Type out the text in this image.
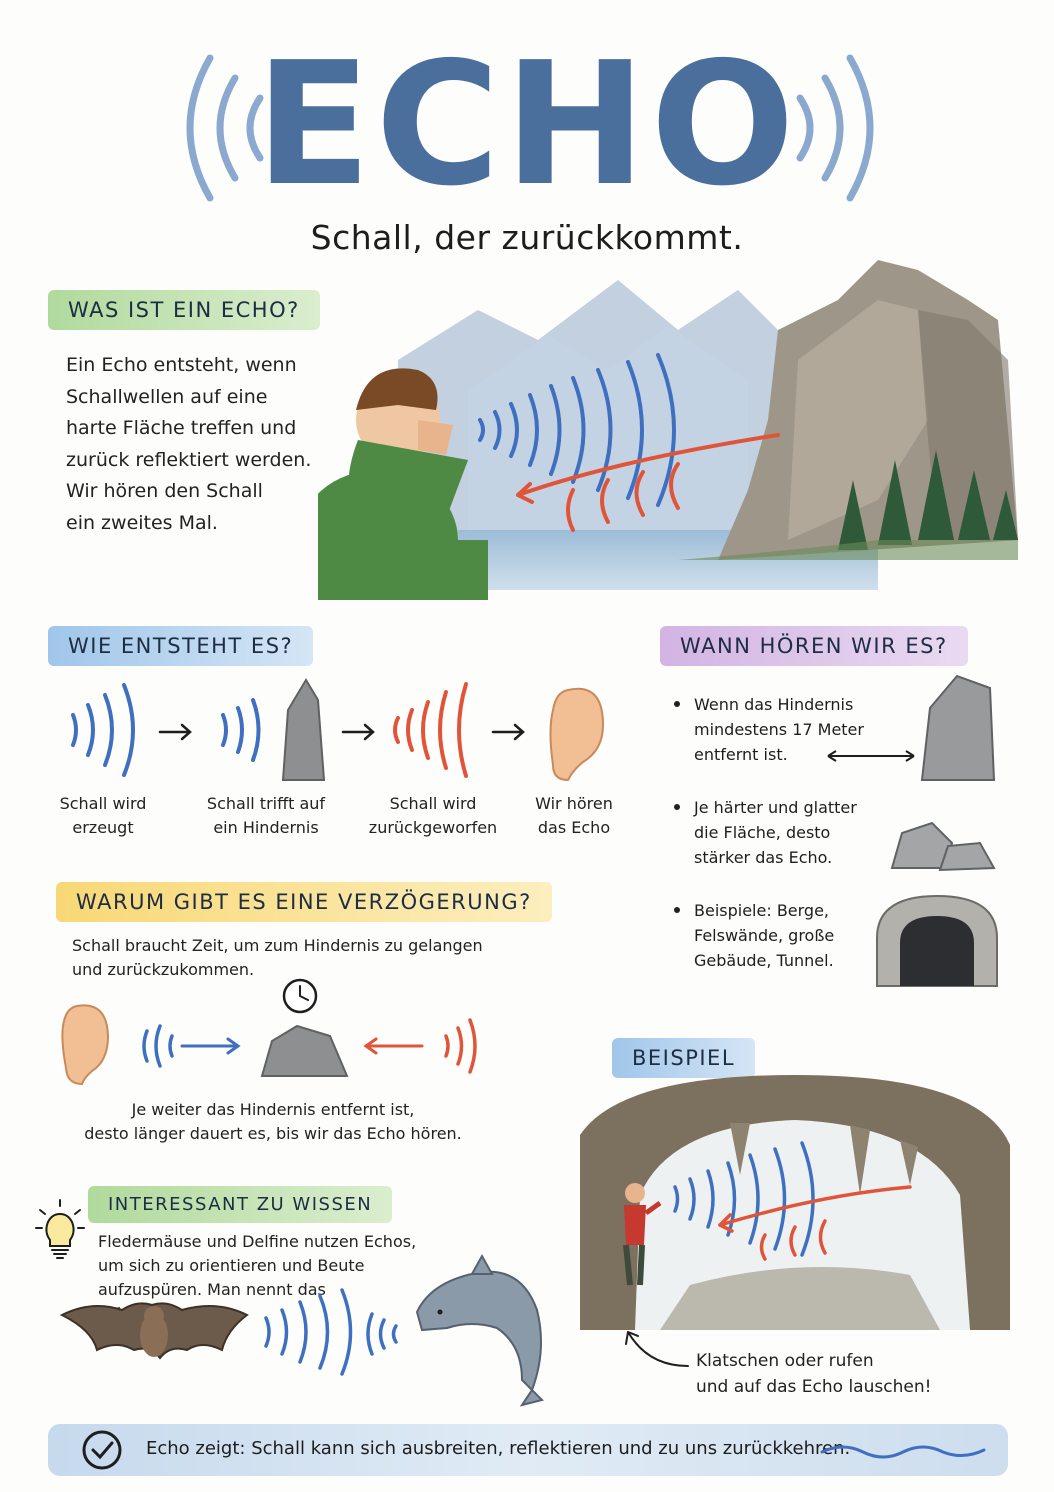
ECHO
Schall, der zurückkommt.
WAS IST EIN ECHO?
Ein Echo entsteht, wenn
Schallwellen auf eine
harte Fläche treffen und
zurück reflektiert werden.
Wir hören den Schall
ein zweites Mal.
WIE ENTSTEHT ES?
Schall wird
erzeugt
Schall trifft auf
ein Hindernis
Schall wird
zurückgeworfen
Wir hören
das Echo
WANN HÖREN WIR ES?
Wenn das Hindernis
mindestens 17 Meter
entfernt ist.
Je härter und glatter
die Fläche, desto
stärker das Echo.
Beispiele: Berge,
Felswände, große
Gebäude, Tunnel.
WARUM GIBT ES EINE VERZÖGERUNG?
Schall braucht Zeit, um zum Hindernis zu gelangen
und zurückzukommen.
Je weiter das Hindernis entfernt ist,
desto länger dauert es, bis wir das Echo hören.
INTERESSANT ZU WISSEN
Fledermäuse und Delfine nutzen Echos,
um sich zu orientieren und Beute
aufzuspüren. Man nennt das
BEISPIEL
Klatschen oder rufen
und auf das Echo lauschen!
Echo zeigt: Schall kann sich ausbreiten, reflektieren und zu uns zurückkehren.
